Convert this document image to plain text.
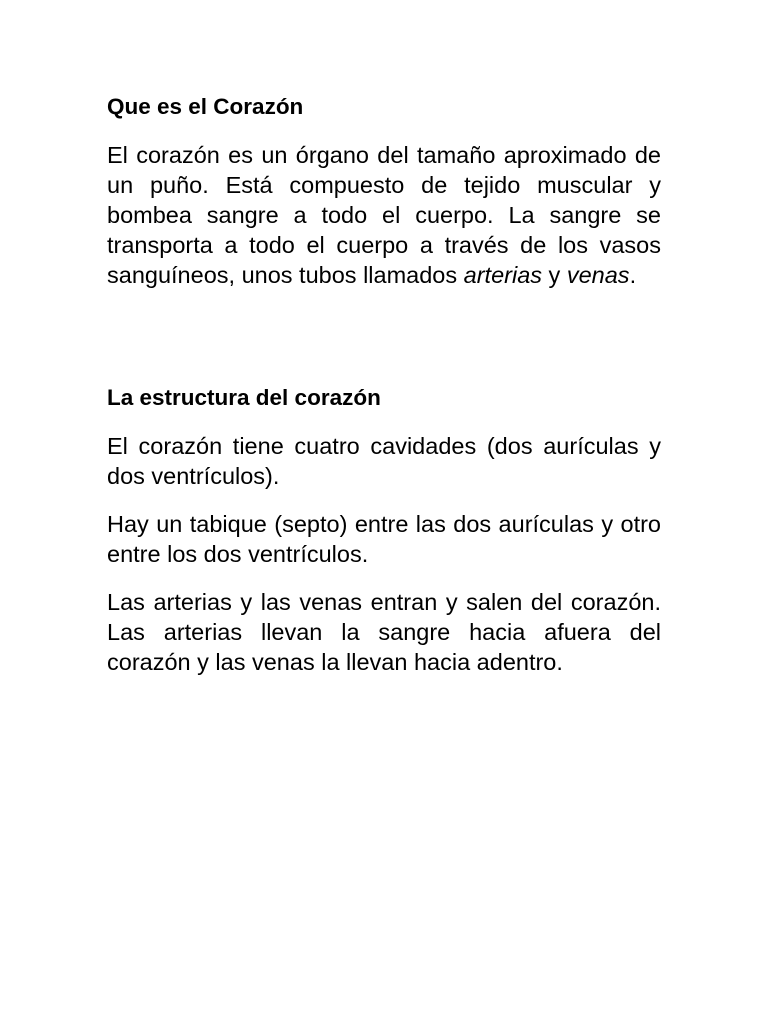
Que es el Corazón

El corazón es un órgano del tamaño aproximado de un puño. Está compuesto de tejido muscular y bombea sangre a todo el cuerpo. La sangre se transporta a todo el cuerpo a través de los vasos sanguíneos, unos tubos llamados arterias y venas.

La estructura del corazón

El corazón tiene cuatro cavidades (dos aurículas y dos ventrículos).

Hay un tabique (septo) entre las dos aurículas y otro entre los dos ventrículos.

Las arterias y las venas entran y salen del corazón. Las arterias llevan la sangre hacia afuera del corazón y las venas la llevan hacia adentro.
